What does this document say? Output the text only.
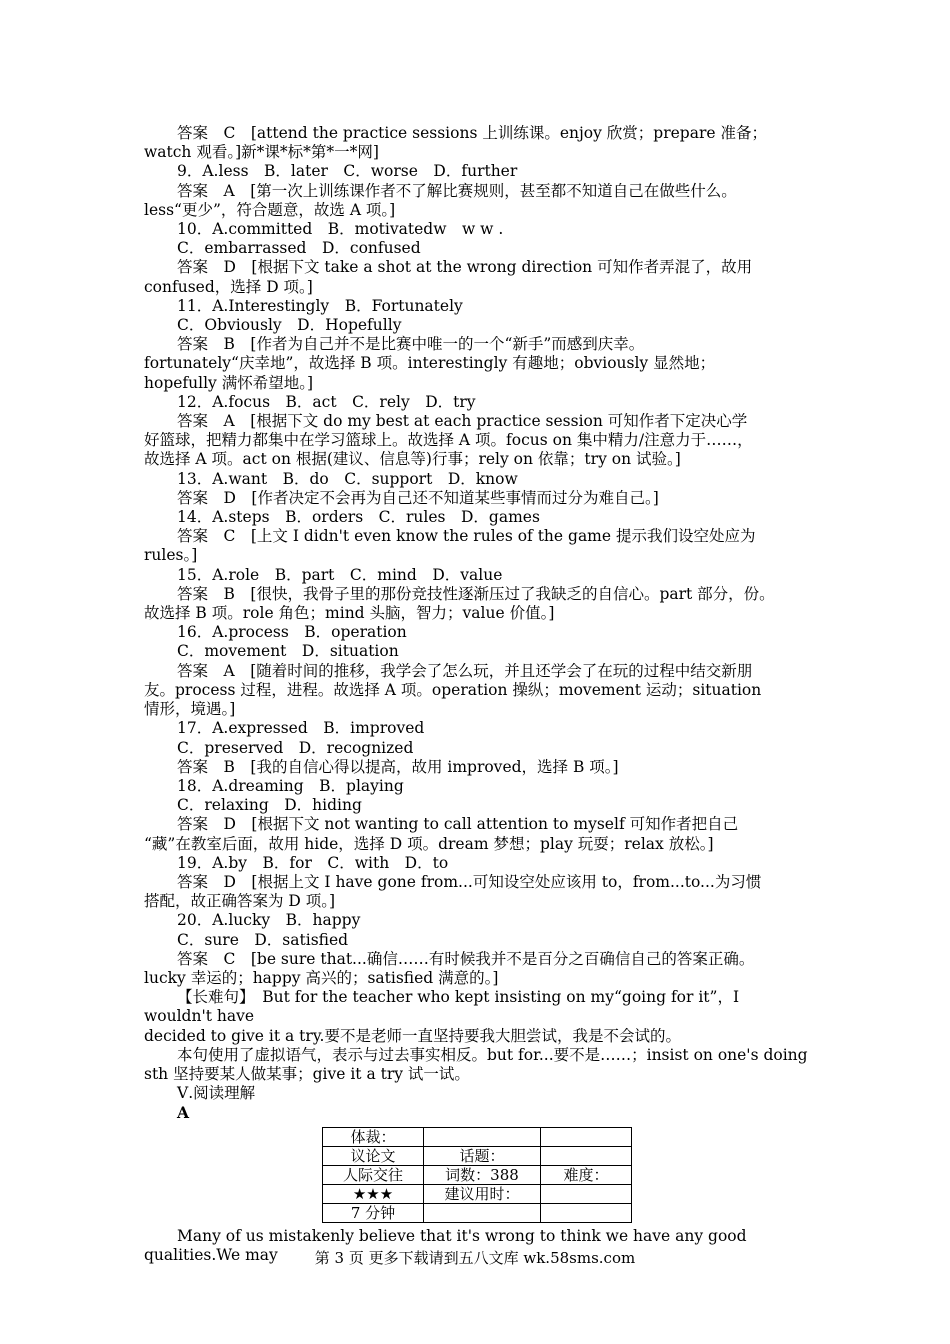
答案　C　[attend the practice sessions 上训练课。enjoy 欣赏；prepare 准备；

watch 观看。]新*课*标*第*一*网]

9．A.less　B．later　C．worse　D．further

答案　A　[第一次上训练课作者不了解比赛规则，甚至都不知道自己在做些什么。

less“更少”，符合题意，故选 A 项。]

10．A.committed　B．motivatedw　w w .

C．embarrassed　D．confused

答案　D　[根据下文 take a shot at the wrong direction 可知作者弄混了，故用

confused，选择 D 项。]

11．A.Interestingly　B．Fortunately

C．Obviously　D．Hopefully

答案　B　[作者为自己并不是比赛中唯一的一个“新手”而感到庆幸。

fortunately“庆幸地”，故选择 B 项。interestingly 有趣地；obviously 显然地；

hopefully 满怀希望地。]

12．A.focus　B．act　C．rely　D．try

答案　A　[根据下文 do my best at each practice session 可知作者下定决心学

好篮球，把精力都集中在学习篮球上。故选择 A 项。focus on 集中精力/注意力于……，

故选择 A 项。act on 根据(建议、信息等)行事；rely on 依靠；try on 试验。]

13．A.want　B．do　C．support　D．know

答案　D　[作者决定不会再为自己还不知道某些事情而过分为难自己。]

14．A.steps　B．orders　C．rules　D．games

答案　C　[上文 I didn't even know the rules of the game 提示我们设空处应为

rules。]

15．A.role　B．part　C．mind　D．value

答案　B　[很快，我骨子里的那份竞技性逐渐压过了我缺乏的自信心。part 部分，份。

故选择 B 项。role 角色；mind 头脑，智力；value 价值。]

16．A.process　B．operation

C．movement　D．situation

答案　A　[随着时间的推移，我学会了怎么玩，并且还学会了在玩的过程中结交新朋

友。process 过程，进程。故选择 A 项。operation 操纵；movement 运动；situation

情形，境遇。]

17．A.expressed　B．improved

C．preserved　D．recognized

答案　B　[我的自信心得以提高，故用 improved，选择 B 项。]

18．A.dreaming　B．playing

C．relaxing　D．hiding

答案　D　[根据下文 not wanting to call attention to myself 可知作者把自己

“藏”在教室后面，故用 hide，选择 D 项。dream 梦想；play 玩耍；relax 放松。]

19．A.by　B．for　C．with　D．to

答案　D　[根据上文 I have gone from...可知设空处应该用 to，from...to...为习惯

搭配，故正确答案为 D 项。]

20．A.lucky　B．happy

C．sure　D．satisfied

答案　C　[be sure that...确信……有时候我并不是百分之百确信自己的答案正确。

lucky 幸运的；happy 高兴的；satisfied 满意的。]

【长难句】　But for the teacher who kept insisting on my“going for it”，I wouldn't have

decided to give it a try.要不是老师一直坚持要我大胆尝试，我是不会试的。

本句使用了虚拟语气，表示与过去事实相反。but for...要不是……；insist on one's doing

sth 坚持要某人做某事；give it a try 试一试。

Ⅴ.阅读理解

A

体裁：		
议论文	话题：	
人际交往	词数：388	难度：
★★★	建议用时：	
7 分钟		

Many of us mistakenly believe that it's wrong to think we have any good qualities.We may	第 3 页 更多下载请到五八文库 wk.58sms.com
